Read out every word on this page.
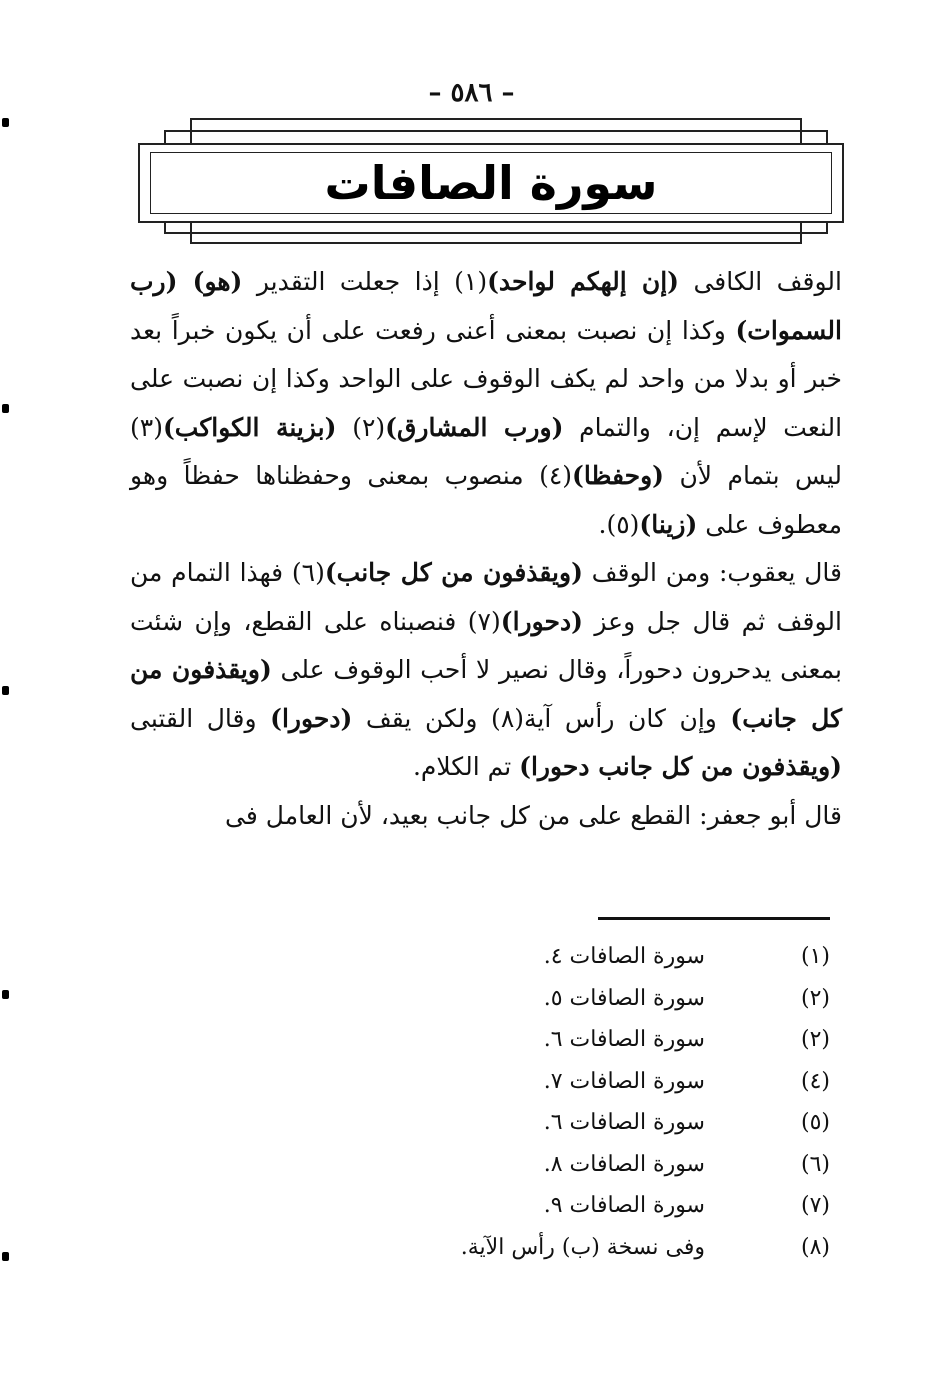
– ٥٨٦ –
سورة الصافات

الوقف الكافى (إن إلهكم لواحد)(١) إذا جعلت التقدير (هو) (رب السموات) وكذا إن نصبت بمعنى أعنى رفعت على أن يكون خبراً بعد خبر أو بدلا من واحد لم يكف الوقوف على الواحد وكذا إن نصبت على النعت لإسم إن، والتمام (ورب المشارق)(٢) (بزينة الكواكب)(٣) ليس بتمام لأن (وحفظا)(٤) منصوب بمعنى وحفظناها حفظاً وهو معطوف على (زينا)(٥).

قال يعقوب: ومن الوقف (ويقذفون من كل جانب)(٦) فهذا التمام من الوقف ثم قال جل وعز (دحورا)(٧) فنصبناه على القطع، وإن شئت بمعنى يدحرون دحوراً، وقال نصير لا أحب الوقوف على (ويقذفون من كل جانب) وإن كان رأس آية(٨) ولكن يقف (دحورا) وقال القتبى (ويقذفون من كل جانب دحورا) تم الكلام.

قال أبو جعفر: القطع على من كل جانب بعيد، لأن العامل فى

(١)
سورة الصافات ٤.
(٢)
سورة الصافات ٥.
(٢)
سورة الصافات ٦.
(٤)
سورة الصافات ٧.
(٥)
سورة الصافات ٦.
(٦)
سورة الصافات ٨.
(٧)
سورة الصافات ٩.
(٨)
وفى نسخة (ب) رأس الآية.
